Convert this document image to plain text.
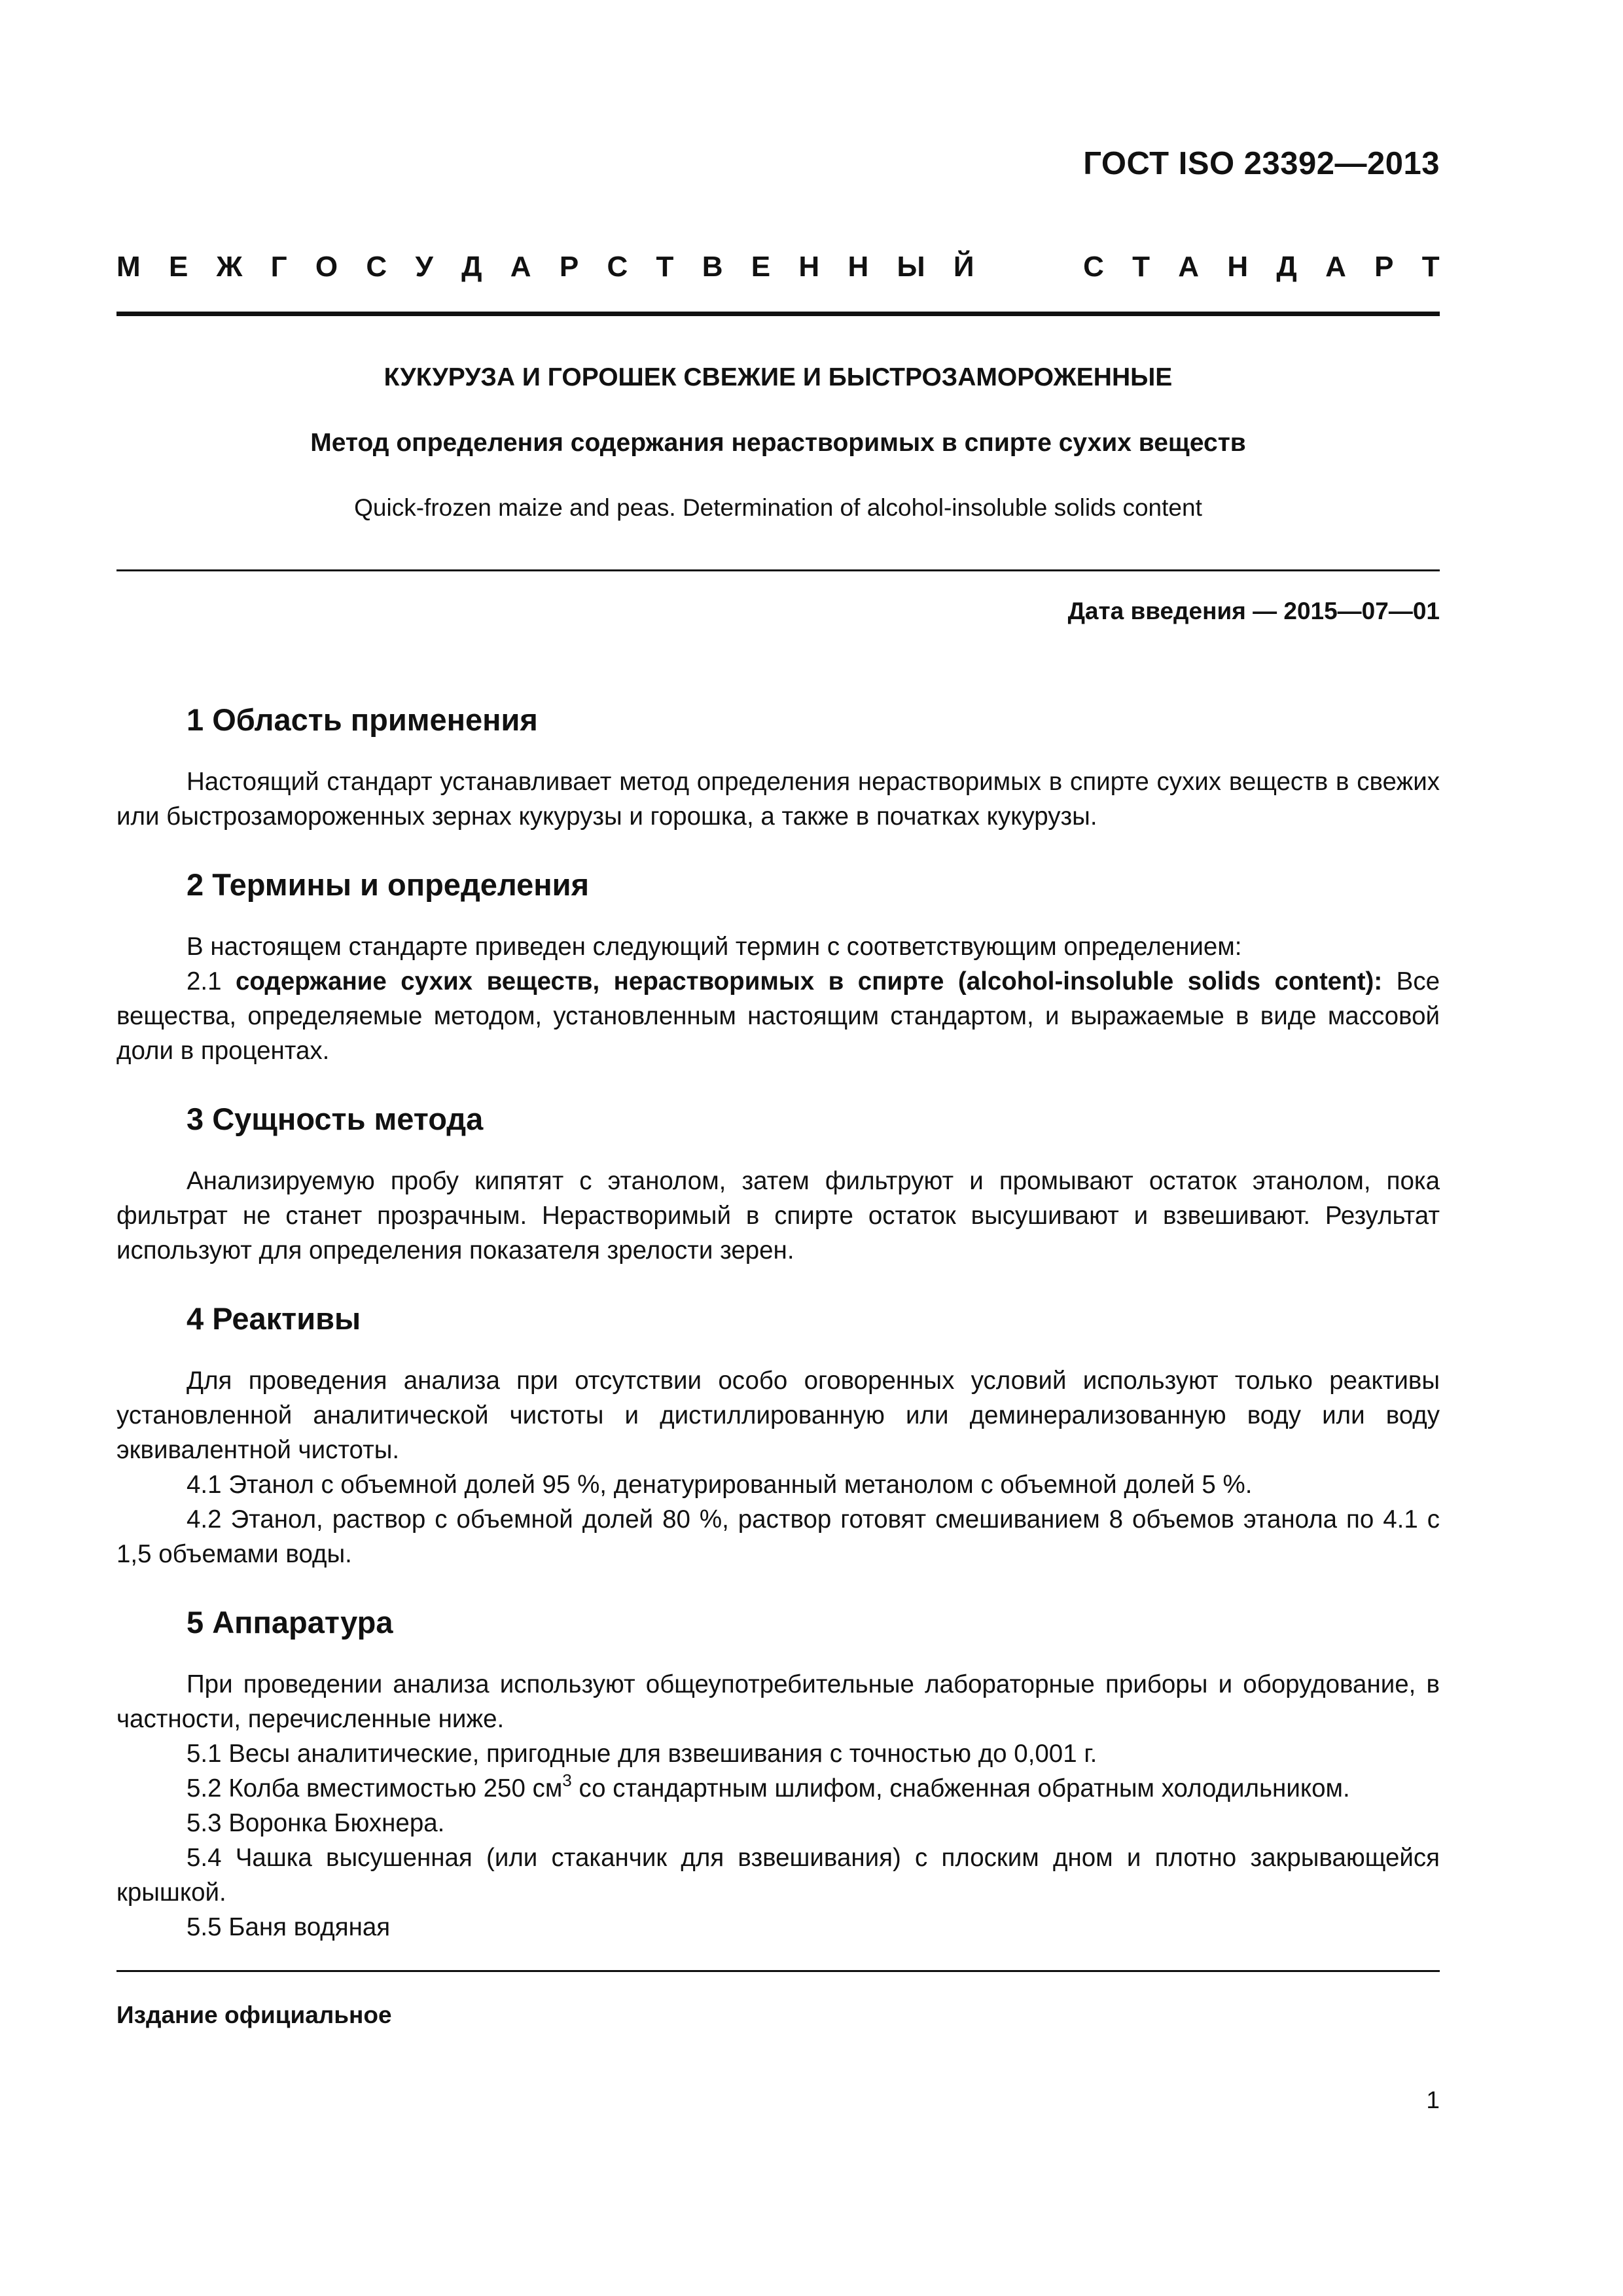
ГОСТ ISO 23392—2013
М Е Ж Г О С У Д А Р С Т В Е Н Н Ы Й	С Т А Н Д А Р Т
КУКУРУЗА И ГОРОШЕК СВЕЖИЕ И БЫСТРОЗАМОРОЖЕННЫЕ
Метод определения содержания нерастворимых в спирте сухих веществ
Quick-frozen maize and peas. Determination of alcohol-insoluble solids content
Дата введения — 2015—07—01
1 Область применения

Настоящий стандарт устанавливает метод определения нерастворимых в спирте сухих веществ в свежих или быстрозамороженных зернах кукурузы и горошка, а также в початках кукурузы.

2 Термины и определения

В настоящем стандарте приведен следующий термин с соответствующим определением:

2.1 содержание сухих веществ, нерастворимых в спирте (alcohol-insoluble solids content): Все вещества, определяемые методом, установленным настоящим стандартом, и выражаемые в виде массовой доли в процентах.

3 Сущность метода

Анализируемую пробу кипятят с этанолом, затем фильтруют и промывают остаток этанолом, пока фильтрат не станет прозрачным. Нерастворимый в спирте остаток высушивают и взвешивают. Результат используют для определения показателя зрелости зерен.

4 Реактивы

Для проведения анализа при отсутствии особо оговоренных условий используют только реактивы установленной аналитической чистоты и дистиллированную или деминерализованную воду или воду эквивалентной чистоты.

4.1 Этанол с объемной долей 95 %, денатурированный метанолом с объемной долей 5 %.

4.2 Этанол, раствор с объемной долей 80 %, раствор готовят смешиванием 8 объемов этанола по 4.1 с 1,5 объемами воды.

5 Аппаратура

При проведении анализа используют общеупотребительные лабораторные приборы и оборудование, в частности, перечисленные ниже.

5.1 Весы аналитические, пригодные для взвешивания с точностью до 0,001 г.

5.2 Колба вместимостью 250 $см^3$ со стандартным шлифом, снабженная обратным холодильником.

5.3 Воронка Бюхнера.

5.4 Чашка высушенная (или стаканчик для взвешивания) с плоским дном и плотно закрывающейся крышкой.

5.5 Баня водяная

Издание официальное
1
